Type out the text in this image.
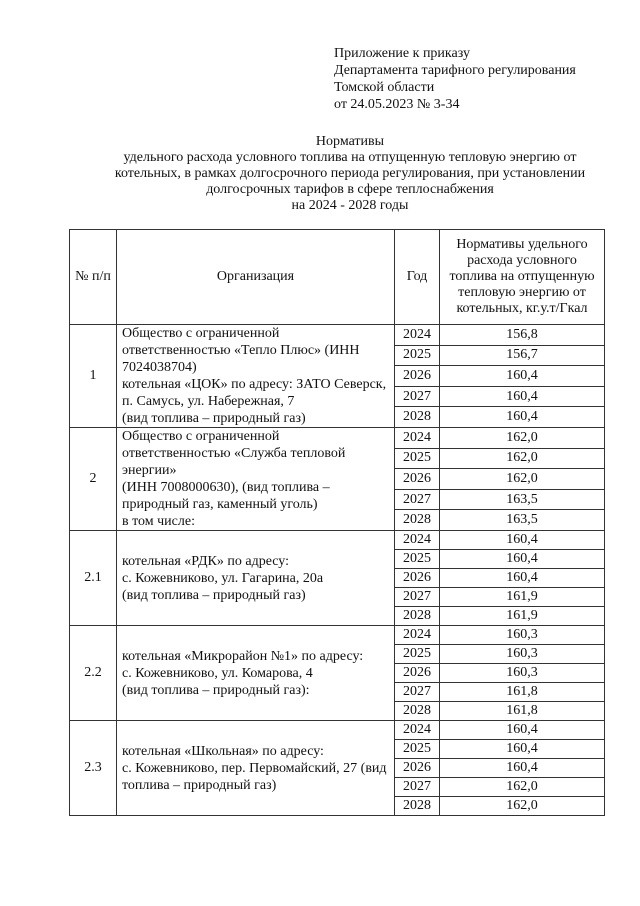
Приложение к приказу
Департамента тарифного регулирования
Томской области
от 24.05.2023 № 3-34
Нормативы
удельного расхода условного топлива на отпущенную тепловую энергию от
котельных, в рамках долгосрочного периода регулирования, при установлении
долгосрочных тарифов в сфере теплоснабжения
на 2024 - 2028 годы
№ п/п	Организация	Год	Нормативы удельного расхода условного топлива на отпущенную тепловую энергию от котельных, кг.у.т/Гкал
1	Общество с ограниченной ответственностью «Тепло Плюс» (ИНН 7024038704)
котельная «ЦОК» по адресу: ЗАТО Северск, п. Самусь, ул. Набережная, 7
(вид топлива – природный газ)	2024	156,8
		2025	156,7
		2026	160,4
		2027	160,4
		2028	160,4
2	Общество с ограниченной ответственностью «Служба тепловой энергии»
(ИНН 7008000630), (вид топлива – природный газ, каменный уголь)
в том числе:	2024	162,0
		2025	162,0
		2026	162,0
		2027	163,5
		2028	163,5
2.1	котельная «РДК» по адресу:
с. Кожевниково, ул. Гагарина, 20а
(вид топлива – природный газ)	2024	160,4
		2025	160,4
		2026	160,4
		2027	161,9
		2028	161,9
2.2	котельная «Микрорайон №1» по адресу:
с. Кожевниково, ул. Комарова, 4
(вид топлива – природный газ):	2024	160,3
		2025	160,3
		2026	160,3
		2027	161,8
		2028	161,8
2.3	котельная «Школьная» по адресу:
с. Кожевниково, пер. Первомайский, 27 (вид топлива – природный газ)	2024	160,4
		2025	160,4
		2026	160,4
		2027	162,0
		2028	162,0
